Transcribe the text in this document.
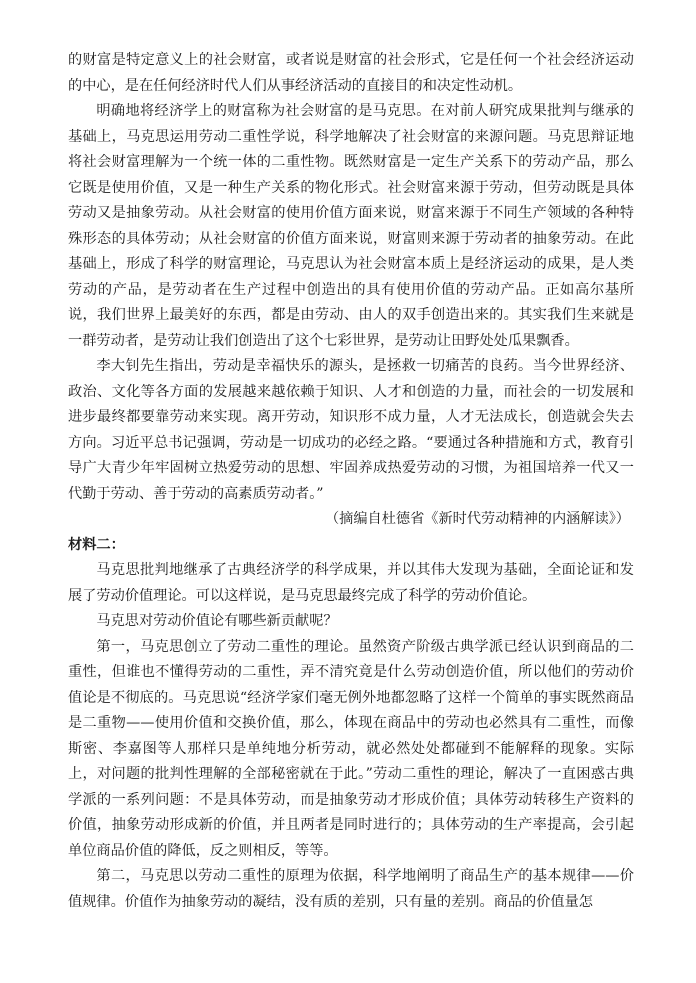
的财富是特定意义上的社会财富，或者说是财富的社会形式，它是任何一个社会经济运动的中心，是在任何经济时代人们从事经济活动的直接目的和决定性动机。

明确地将经济学上的财富称为社会财富的是马克思。在对前人研究成果批判与继承的基础上，马克思运用劳动二重性学说，科学地解决了社会财富的来源问题。马克思辩证地将社会财富理解为一个统一体的二重性物。既然财富是一定生产关系下的劳动产品，那么它既是使用价值，又是一种生产关系的物化形式。社会财富来源于劳动，但劳动既是具体劳动又是抽象劳动。从社会财富的使用价值方面来说，财富来源于不同生产领域的各种特殊形态的具体劳动；从社会财富的价值方面来说，财富则来源于劳动者的抽象劳动。在此基础上，形成了科学的财富理论，马克思认为社会财富本质上是经济运动的成果，是人类劳动的产品，是劳动者在生产过程中创造出的具有使用价值的劳动产品。正如高尔基所说，我们世界上最美好的东西，都是由劳动、由人的双手创造出来的。其实我们生来就是一群劳动者，是劳动让我们创造出了这个七彩世界，是劳动让田野处处瓜果飘香。

李大钊先生指出，劳动是幸福快乐的源头，是拯救一切痛苦的良药。当今世界经济、政治、文化等各方面的发展越来越依赖于知识、人才和创造的力量，而社会的一切发展和进步最终都要靠劳动来实现。离开劳动，知识形不成力量，人才无法成长，创造就会失去方向。习近平总书记强调，劳动是一切成功的必经之路。“要通过各种措施和方式，教育引导广大青少年牢固树立热爱劳动的思想、牢固养成热爱劳动的习惯，为祖国培养一代又一代勤于劳动、善于劳动的高素质劳动者。”

（摘编自杜德省《新时代劳动精神的内涵解读》）

材料二：

马克思批判地继承了古典经济学的科学成果，并以其伟大发现为基础，全面论证和发展了劳动价值理论。可以这样说，是马克思最终完成了科学的劳动价值论。

马克思对劳动价值论有哪些新贡献呢？

第一，马克思创立了劳动二重性的理论。虽然资产阶级古典学派已经认识到商品的二重性，但谁也不懂得劳动的二重性，弄不清究竟是什么劳动创造价值，所以他们的劳动价值论是不彻底的。马克思说“经济学家们毫无例外地都忽略了这样一个简单的事实既然商品是二重物——使用价值和交换价值，那么，体现在商品中的劳动也必然具有二重性，而像斯密、李嘉图等人那样只是单纯地分析劳动，就必然处处都碰到不能解释的现象。实际上，对问题的批判性理解的全部秘密就在于此。”劳动二重性的理论，解决了一直困惑古典学派的一系列问题：不是具体劳动，而是抽象劳动才形成价值；具体劳动转移生产资料的价值，抽象劳动形成新的价值，并且两者是同时进行的；具体劳动的生产率提高，会引起单位商品价值的降低，反之则相反，等等。

第二，马克思以劳动二重性的原理为依据，科学地阐明了商品生产的基本规律——价值规律。价值作为抽象劳动的凝结，没有质的差别，只有量的差别。商品的价值量怎
